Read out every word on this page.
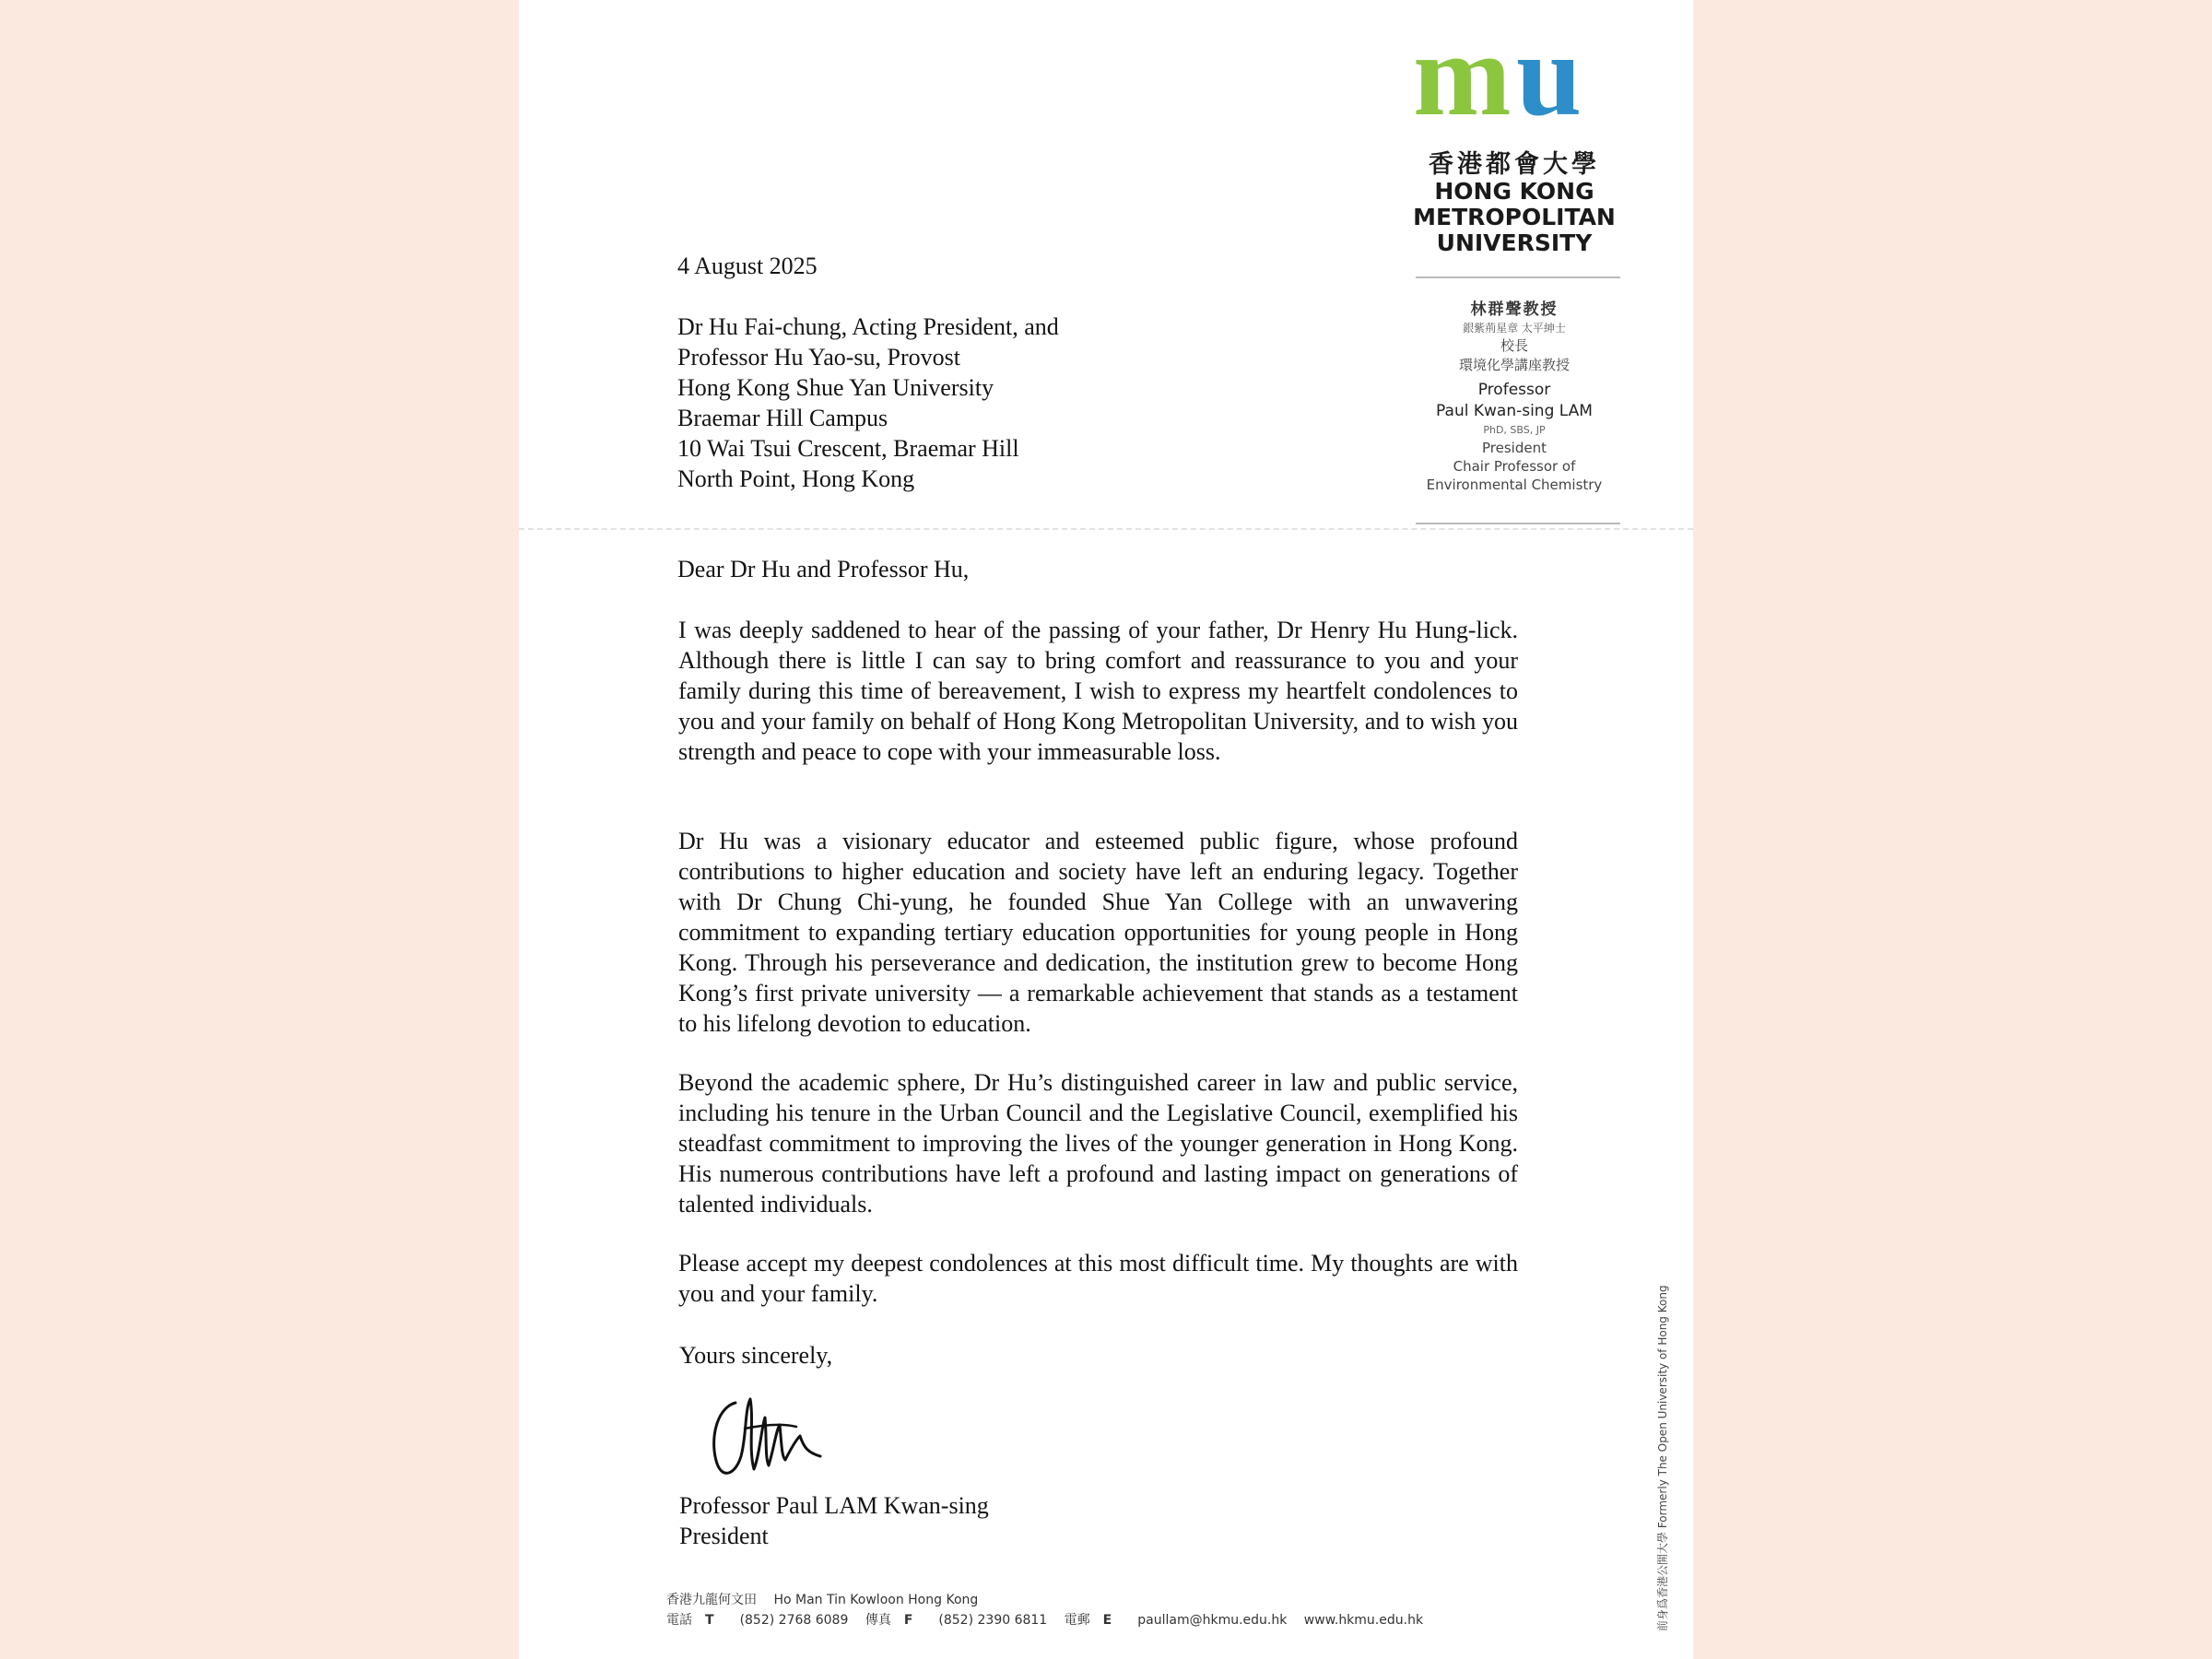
m u
香港都會大學
HONG KONG
METROPOLITAN
UNIVERSITY
林群聲教授
銀紫荊星章 太平紳士
校長
環境化學講座教授
Professor
Paul Kwan-sing LAM
PhD, SBS, JP
President
Chair Professor of
Environmental Chemistry
4 August 2025
Dr Hu Fai-chung, Acting President, and
Professor Hu Yao-su, Provost
Hong Kong Shue Yan University
Braemar Hill Campus
10 Wai Tsui Crescent, Braemar Hill
North Point, Hong Kong
Dear Dr Hu and Professor Hu,

I was deeply saddened to hear of the passing of your father, Dr Henry Hu Hung-lick. Although there is little I can say to bring comfort and reassurance to you and your family during this time of bereavement, I wish to express my heartfelt condolences to you and your family on behalf of Hong Kong Metropolitan University, and to wish you strength and peace to cope with your immeasurable loss.

Dr Hu was a visionary educator and esteemed public figure, whose profound contributions to higher education and society have left an enduring legacy. Together with Dr Chung Chi-yung, he founded Shue Yan College with an unwavering commitment to expanding tertiary education opportunities for young people in Hong Kong. Through his perseverance and dedication, the institution grew to become Hong Kong’s first private university — a remarkable achievement that stands as a testament to his lifelong devotion to education.

Beyond the academic sphere, Dr Hu’s distinguished career in law and public service, including his tenure in the Urban Council and the Legislative Council, exemplified his steadfast commitment to improving the lives of the younger generation in Hong Kong. His numerous contributions have left a profound and lasting impact on generations of talented individuals.

Please accept my deepest condolences at this most difficult time. My thoughts are with you and your family.

Yours sincerely,
Professor Paul LAM Kwan-sing
President
香港九龍何文田 Ho Man Tin Kowloon Hong Kong
電話 T (852) 2768 6089 傳真 F (852) 2390 6811 電郵 E paullam@hkmu.edu.hk www.hkmu.edu.hk	前身爲香港公開大學 Formerly The Open University of Hong Kong
